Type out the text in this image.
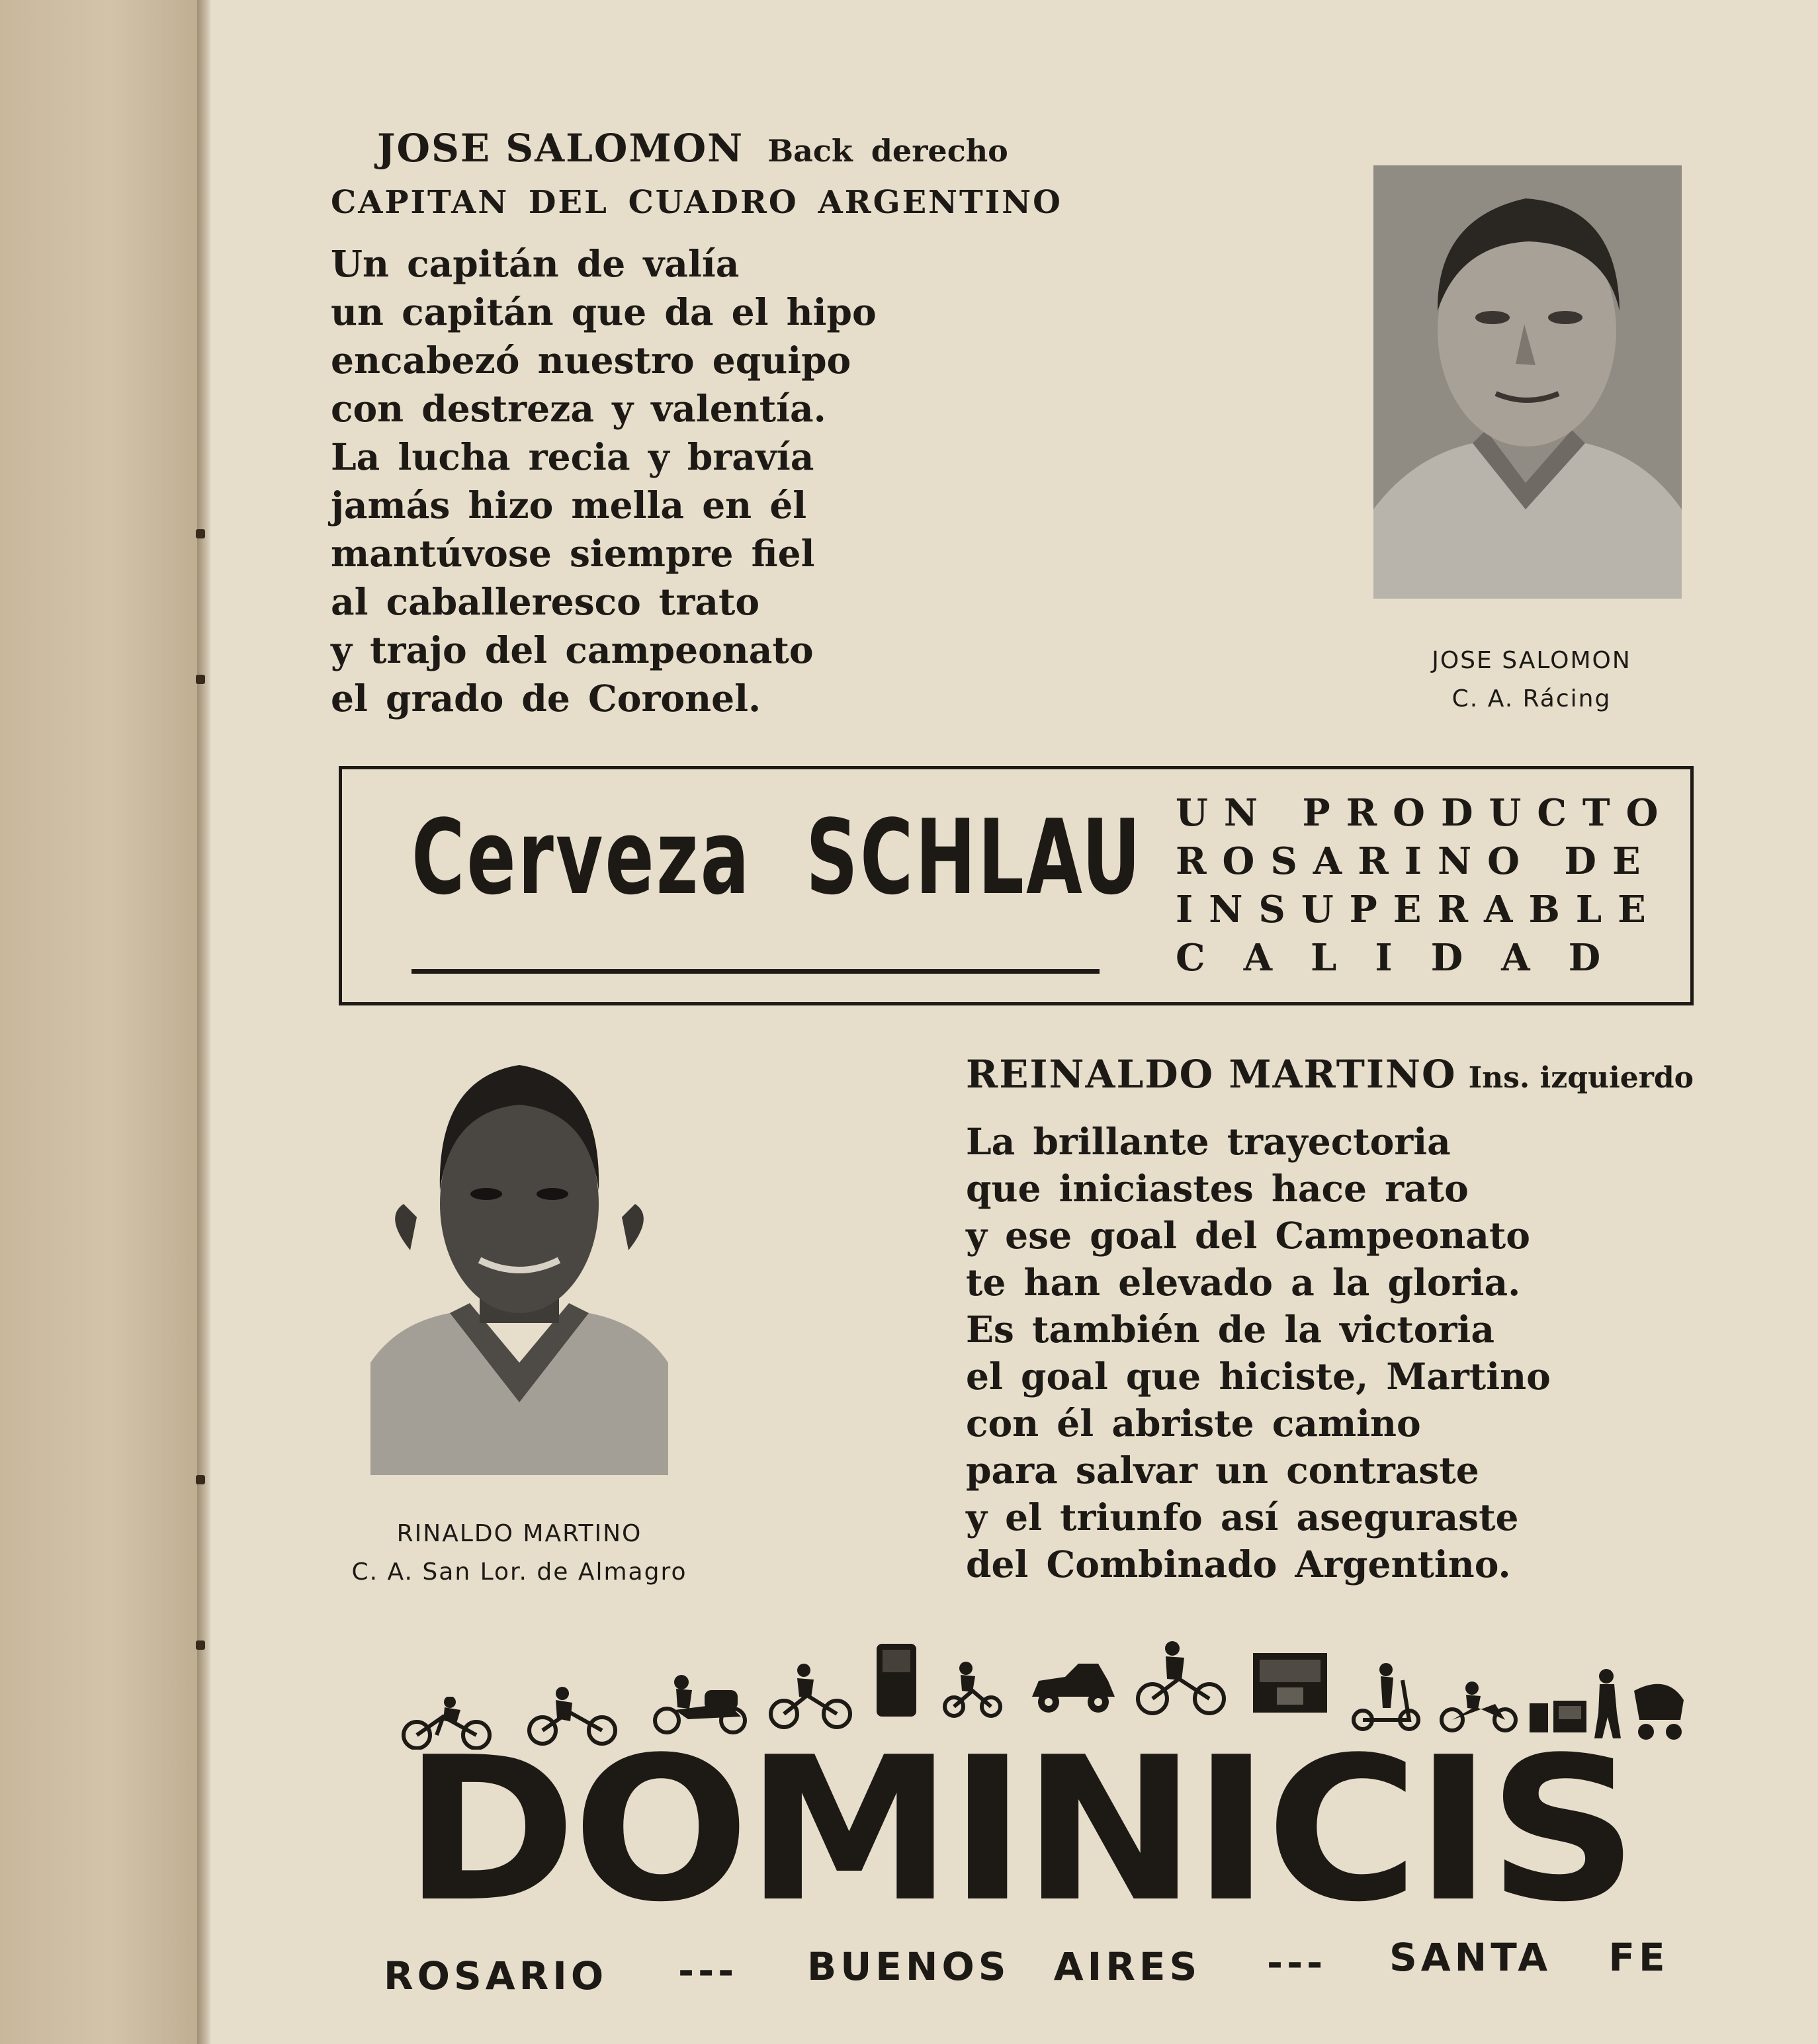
JOSE SALOMON Back derecho
CAPITAN DEL CUADRO ARGENTINO
Un capitán de valía
un capitán que da el hipo
encabezó nuestro equipo
con destreza y valentía.
La lucha recia y bravía
jamás hizo mella en él
mantúvose siempre fiel
al caballeresco trato
y trajo del campeonato
el grado de Coronel.
JOSE SALOMON
C. A. Rácing
Cerveza SCHLAU UN PRODUCTO
ROSARINO DE
INSUPERABLE
CALIDAD
REINALDO MARTINO Ins. izquierdo
La brillante trayectoria
que iniciastes hace rato
y ese goal del Campeonato
te han elevado a la gloria.
Es también de la victoria
el goal que hiciste, Martino
con él abriste camino
para salvar un contraste
y el triunfo así aseguraste
del Combinado Argentino.
RINALDO MARTINO
C. A. San Lor. de Almagro
DOMINICIS
ROSARIO --- BUENOS AIRES --- SANTA FE
